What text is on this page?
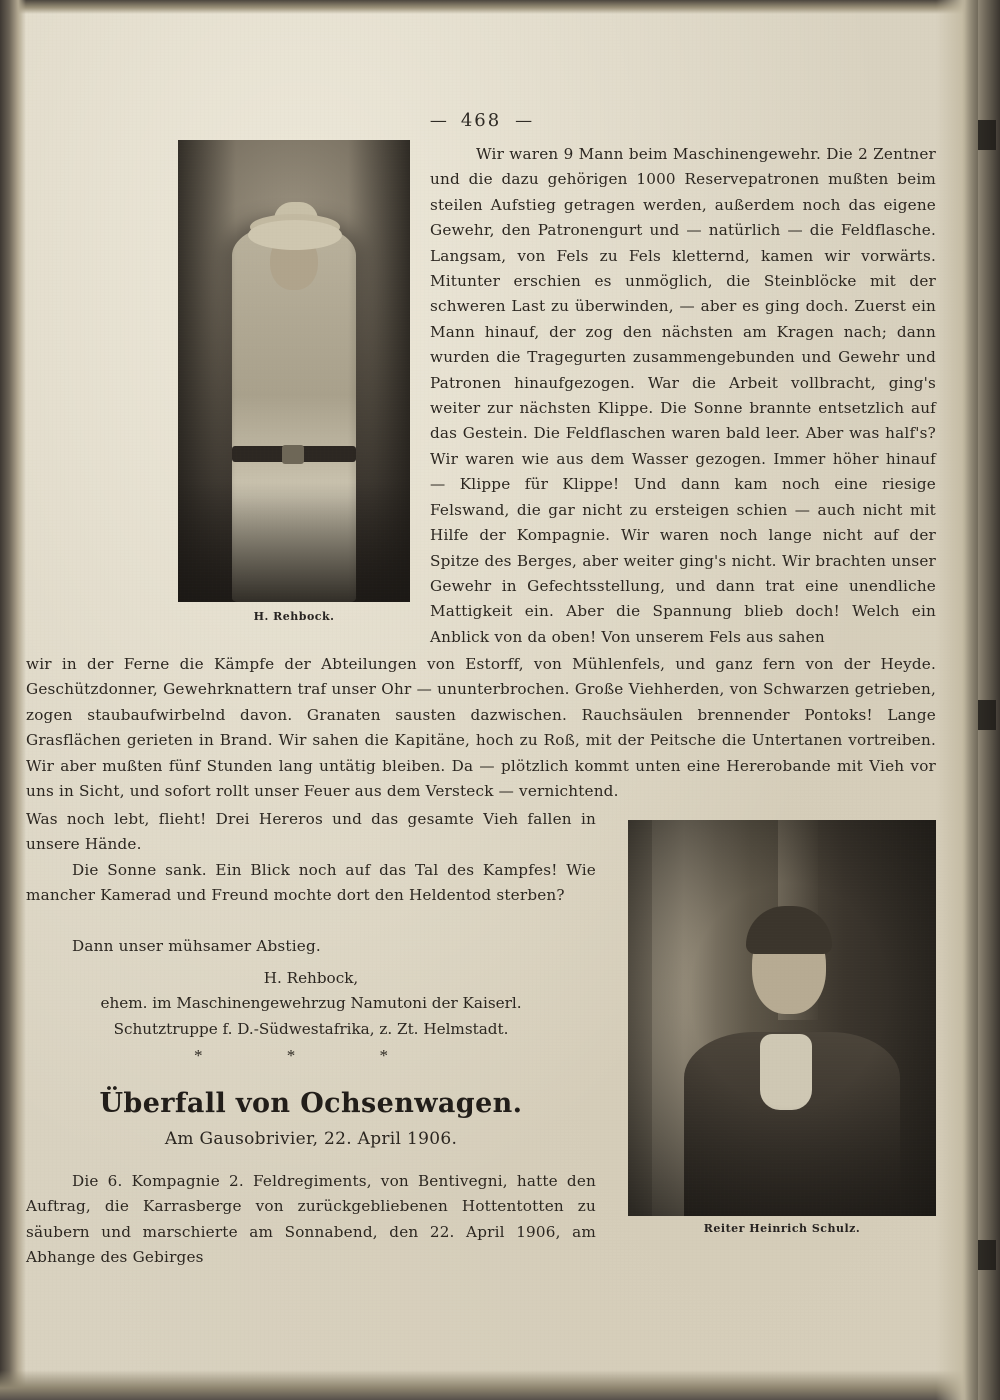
— 468 —
H. Rehbock.

Wir waren 9 Mann beim Maschinengewehr. Die 2 Zentner und die dazu gehörigen 1000 Reservepatronen mußten beim steilen Aufstieg getragen werden, außerdem noch das eigene Gewehr, den Patronengurt und — natürlich — die Feldflasche. Langsam, von Fels zu Fels kletternd, kamen wir vorwärts. Mitunter erschien es unmöglich, die Steinblöcke mit der schweren Last zu überwinden, — aber es ging doch. Zuerst ein Mann hinauf, der zog den nächsten am Kragen nach; dann wurden die Tragegurten zusammengebunden und Gewehr und Patronen hinaufgezogen. War die Arbeit vollbracht, ging's weiter zur nächsten Klippe. Die Sonne brannte entsetzlich auf das Gestein. Die Feldflaschen waren bald leer. Aber was half's? Wir waren wie aus dem Wasser gezogen. Immer höher hinauf — Klippe für Klippe! Und dann kam noch eine riesige Felswand, die gar nicht zu ersteigen schien — auch nicht mit Hilfe der Kompagnie. Wir waren noch lange nicht auf der Spitze des Berges, aber weiter ging's nicht. Wir brachten unser Gewehr in Gefechtsstellung, und dann trat eine unendliche Mattigkeit ein. Aber die Spannung blieb doch! Welch ein Anblick von da oben! Von unserem Fels aus sahen

wir in der Ferne die Kämpfe der Abteilungen von Estorff, von Mühlenfels, und ganz fern von der Heyde. Geschützdonner, Gewehrknattern traf unser Ohr — ununterbrochen. Große Viehherden, von Schwarzen getrieben, zogen staubaufwirbelnd davon. Granaten sausten dazwischen. Rauchsäulen brennender Pontoks! Lange Grasflächen gerieten in Brand. Wir sahen die Kapitäne, hoch zu Roß, mit der Peitsche die Untertanen vortreiben. Wir aber mußten fünf Stunden lang untätig bleiben. Da — plötzlich kommt unten eine Hererobande mit Vieh vor uns in Sicht, und sofort rollt unser Feuer aus dem Versteck — vernichtend.

Was noch lebt, flieht! Drei Hereros und das gesamte Vieh fallen in unsere Hände.

Die Sonne sank. Ein Blick noch auf das Tal des Kampfes! Wie mancher Kamerad und Freund mochte dort den Heldentod sterben?

Dann unser mühsamer Abstieg.

H. Rehbock,
ehem. im Maschinengewehrzug Namutoni der Kaiserl.
Schutztruppe f. D.-Südwestafrika, z. Zt. Helmstadt.
* * *
Überfall von Ochsenwagen.
Am Gausobrivier, 22. April 1906.

Die 6. Kompagnie 2. Feldregiments, von Bentivegni, hatte den Auftrag, die Karrasberge von zurückgebliebenen Hottentotten zu säubern und marschierte am Sonnabend, den 22. April 1906, am Abhange des Gebirges

Reiter Heinrich Schulz.
